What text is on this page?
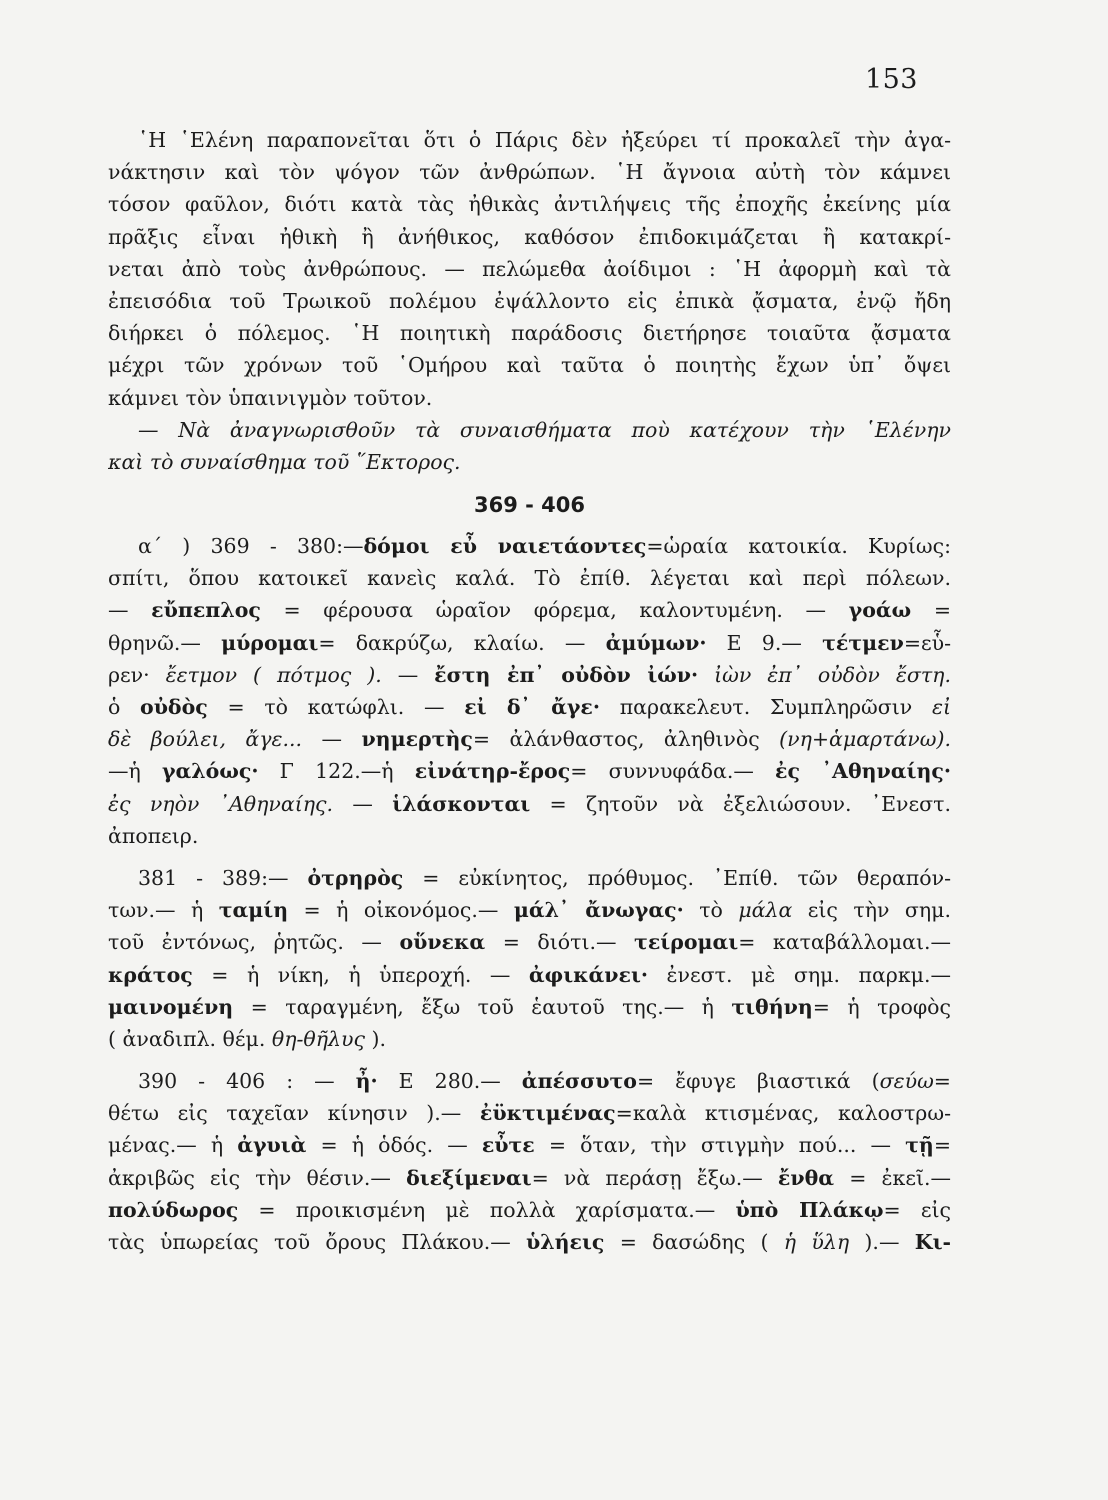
153
῾Η ῾Ελένη παραπονεῖται ὅτι ὁ Πάρις δὲν ἠξεύρει τί προκαλεῖ τὴν ἀγα-
νάκτησιν καὶ τὸν ψόγον τῶν ἀνθρώπων. ῾Η ἄγνοια αὐτὴ τὸν κάμνει
τόσον φαῦλον, διότι κατὰ τὰς ἠθικὰς ἀντιλήψεις τῆς ἐποχῆς ἐκείνης μία
πρᾶξις εἶναι ἠθικὴ ἢ ἀνήθικος, καθόσον ἐπιδοκιμάζεται ἢ κατακρί-
νεται ἀπὸ τοὺς ἀνθρώπους. — πελώμεθα ἀοίδιμοι : ῾Η ἀφορμὴ καὶ τὰ
ἐπεισόδια τοῦ Τρωικοῦ πολέμου ἐψάλλοντο εἰς ἐπικὰ ᾄσματα, ἐνῷ ἤδη
διήρκει ὁ πόλεμος. ῾Η ποιητικὴ παράδοσις διετήρησε τοιαῦτα ᾄσματα
μέχρι τῶν χρόνων τοῦ ῾Ομήρου καὶ ταῦτα ὁ ποιητὴς ἔχων ὑπ᾿ ὄψει
κάμνει τὸν ὑπαινιγμὸν τοῦτον.
— Νὰ ἀναγνωρισθοῦν τὰ συναισθήματα ποὺ κατέχουν τὴν ῾Ελένην
καὶ τὸ συναίσθημα τοῦ ῞Εκτορος.
369 - 406
α΄ ) 369 - 380:—δόμοι εὖ ναιετάοντες=ὡραία κατοικία. Κυρίως:
σπίτι, ὅπου κατοικεῖ κανεὶς καλά. Τὸ ἐπίθ. λέγεται καὶ περὶ πόλεων.
— εὔπεπλος = φέρουσα ὡραῖον φόρεμα, καλοντυμένη. — γοάω =
θρηνῶ.— μύρομαι= δακρύζω, κλαίω. — ἀμύμων· Ε 9.— τέτμεν=εὗ-
ρεν· ἔετμον ( πότμος ). — ἔστη ἐπ᾿ οὐδὸν ἰών· ἰὼν ἐπ᾿ οὐδὸν ἔστη.
ὁ οὐδὸς = τὸ κατώφλι. — εἰ δ᾿ ἄγε· παρακελευτ. Συμπληρῶσιν εἰ
δὲ βούλει, ἄγε... — νημερτὴς= ἀλάνθαστος, ἀληθινὸς (νη+ἁμαρτάνω).
—ἡ γαλόως· Γ 122.—ἡ εἰνάτηρ-ἔρος= συννυφάδα.— ἐς ᾿Αθηναίης·
ἐς νηὸν ᾿Αθηναίης. — ἱλάσκονται = ζητοῦν νὰ ἐξελιώσουν. ᾿Ενεστ.
ἀποπειρ.
381 - 389:— ὀτρηρὸς = εὐκίνητος, πρόθυμος. ᾿Επίθ. τῶν θεραπόν-
των.— ἡ ταμίη = ἡ οἰκονόμος.— μάλ᾿ ἄνωγας· τὸ μάλα εἰς τὴν σημ.
τοῦ ἐντόνως, ῥητῶς. — οὕνεκα = διότι.— τείρομαι= καταβάλλομαι.—
κράτος = ἡ νίκη, ἡ ὑπεροχή. — ἀφικάνει· ἐνεστ. μὲ σημ. παρκμ.—
μαινομένη = ταραγμένη, ἔξω τοῦ ἑαυτοῦ της.— ἡ τιθήνη= ἡ τροφὸς
( ἀναδιπλ. θέμ. θη-θῆλυς ).
390 - 406 : — ἦ· Ε 280.— ἀπέσσυτο= ἔφυγε βιαστικά (σεύω=
θέτω εἰς ταχεῖαν κίνησιν ).— ἐϋκτιμένας=καλὰ κτισμένας, καλοστρω-
μένας.— ἡ ἀγυιὰ = ἡ ὁδός. — εὖτε = ὅταν, τὴν στιγμὴν πού... — τῇ=
ἀκριβῶς εἰς τὴν θέσιν.— διεξίμεναι= νὰ περάσῃ ἔξω.— ἔνθα = ἐκεῖ.—
πολύδωρος = προικισμένη μὲ πολλὰ χαρίσματα.— ὑπὸ Πλάκῳ= εἰς
τὰς ὑπωρείας τοῦ ὄρους Πλάκου.— ὑλήεις = δασώδης ( ἡ ὕλη ).— Κι-
